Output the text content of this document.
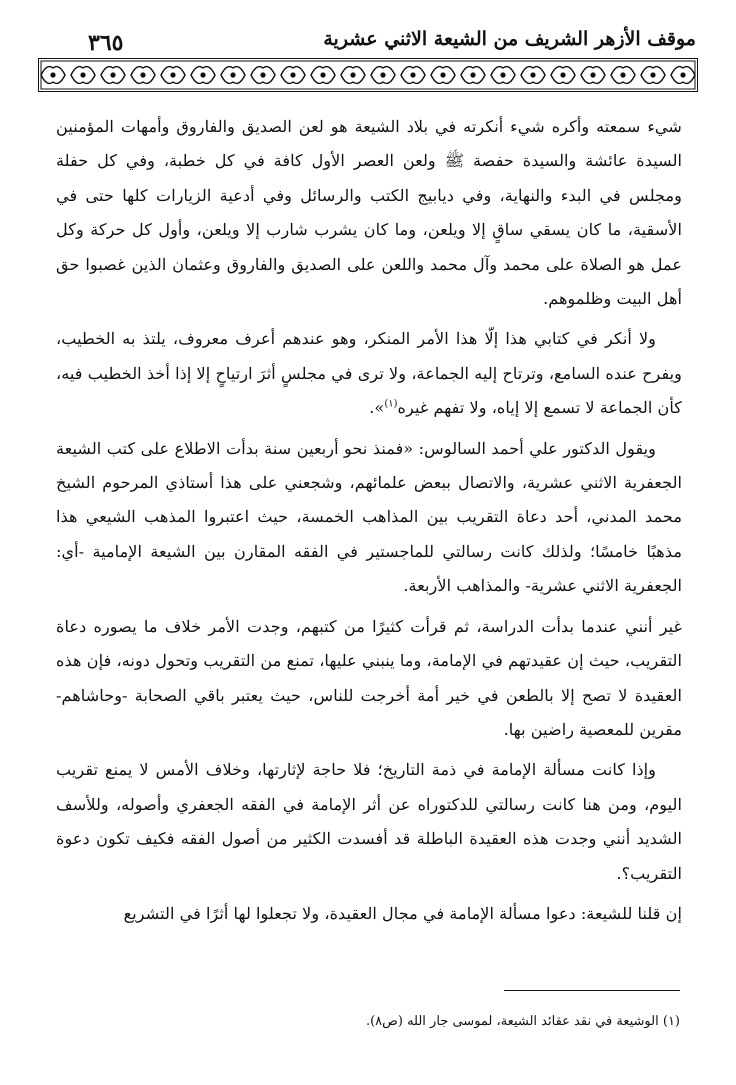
موقف الأزهر الشريف من الشيعة الاثني عشرية
٣٦٥

شيء سمعته وأكره شيء أنكرته في بلاد الشيعة هو لعن الصديق والفاروق وأمهات المؤمنين السيدة عائشة والسيدة حفصة ﷺ ولعن العصر الأول كافة في كل خطبة، وفي كل حفلة ومجلس في البدء والنهاية، وفي ديابيج الكتب والرسائل وفي أدعية الزيارات كلها حتى في الأسقية، ما كان يسقي ساقٍ إلا ويلعن، وما كان يشرب شارب إلا ويلعن، وأول كل حركة وكل عمل هو الصلاة على محمد وآل محمد واللعن على الصديق والفاروق وعثمان الذين غصبوا حق أهل البيت وظلموهم.

ولا أنكر في كتابي هذا إلّا هذا الأمر المنكر، وهو عندهم أعرف معروف، يلتذ به الخطيب، ويفرح عنده السامع، وترتاح إليه الجماعة، ولا ترى في مجلسٍ أثرَ ارتياحٍ إلا إذا أخذ الخطيب فيه، كأن الجماعة لا تسمع إلا إياه، ولا تفهم غيره$^{(١)}$».

ويقول الدكتور علي أحمد السالوس: «فمنذ نحو أربعين سنة بدأت الاطلاع على كتب الشيعة الجعفرية الاثني عشرية، والاتصال ببعض علمائهم، وشجعني على هذا أستاذي المرحوم الشيخ محمد المدني، أحد دعاة التقريب بين المذاهب الخمسة، حيث اعتبروا المذهب الشيعي هذا مذهبًا خامسًا؛ ولذلك كانت رسالتي للماجستير في الفقه المقارن بين الشيعة الإمامية -أي: الجعفرية الاثني عشرية- والمذاهب الأربعة.

غير أنني عندما بدأت الدراسة، ثم قرأت كثيرًا من كتبهم، وجدت الأمر خلاف ما يصوره دعاة التقريب، حيث إن عقيدتهم في الإمامة، وما ينبني عليها، تمنع من التقريب وتحول دونه، فإن هذه العقيدة لا تصح إلا بالطعن في خير أمة أخرجت للناس، حيث يعتبر باقي الصحابة -وحاشاهم- مقرين للمعصية راضين بها.

وإذا كانت مسألة الإمامة في ذمة التاريخ؛ فلا حاجة لإثارتها، وخلاف الأمس لا يمنع تقريب اليوم، ومن هنا كانت رسالتي للدكتوراه عن أثر الإمامة في الفقه الجعفري وأصوله، وللأسف الشديد أنني وجدت هذه العقيدة الباطلة قد أفسدت الكثير من أصول الفقه فكيف تكون دعوة التقريب؟.

إن قلنا للشيعة: دعوا مسألة الإمامة في مجال العقيدة، ولا تجعلوا لها أثرًا في التشريع

(١) الوشيعة في نقد عقائد الشيعة، لموسى جار الله (ص٨).
